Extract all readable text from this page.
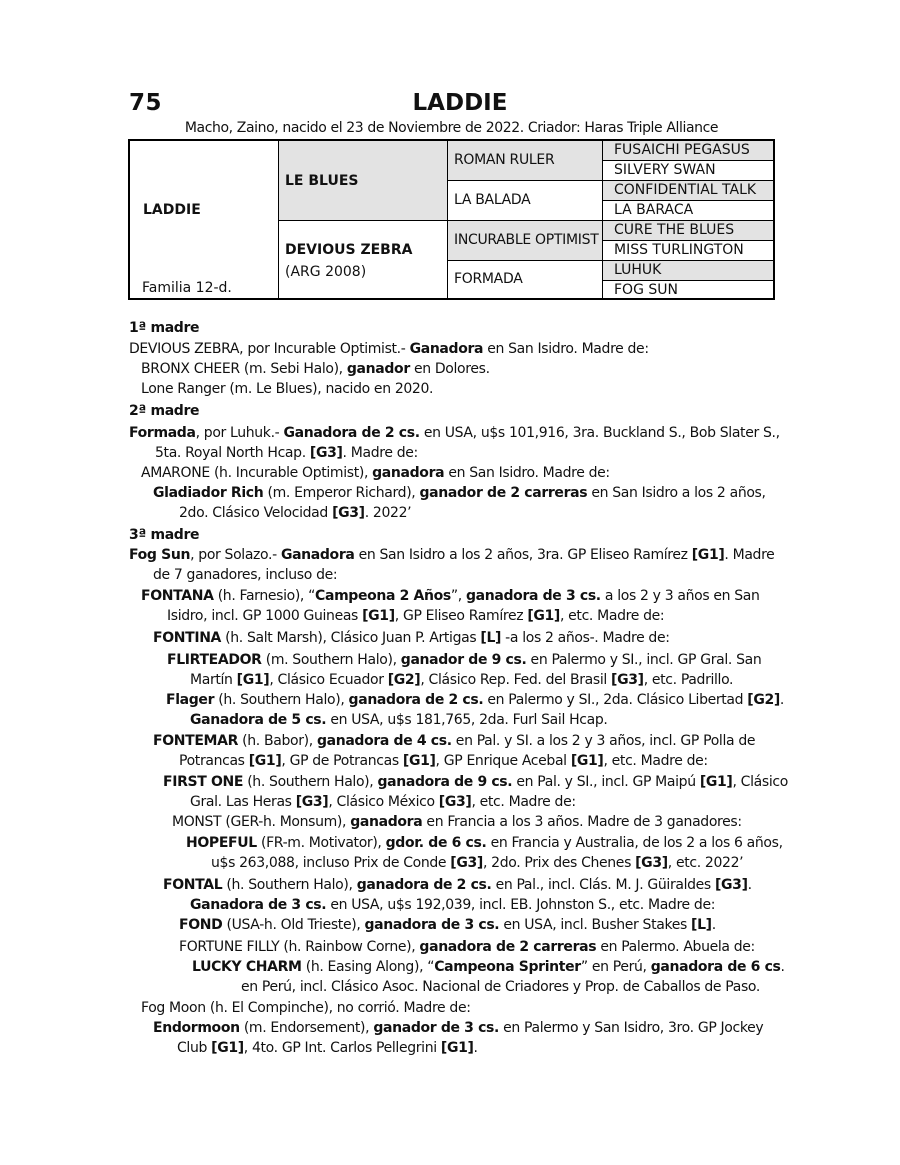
75	LADDIE
Macho, Zaino, nacido el 23 de Noviembre de 2022. Criador: Haras Triple Alliance
LADDIE
Familia 12-d.
LE BLUES
DEVIOUS ZEBRA
(ARG 2008)
ROMAN RULER
LA BALADA
INCURABLE OPTIMIST
FORMADA
FUSAICHI PEGASUS
SILVERY SWAN
CONFIDENTIAL TALK
LA BARACA
CURE THE BLUES
MISS TURLINGTON
LUHUK
FOG SUN
1ª madre
DEVIOUS ZEBRA, por Incurable Optimist.- Ganadora en San Isidro. Madre de:
BRONX CHEER (m. Sebi Halo), ganador en Dolores.
Lone Ranger (m. Le Blues), nacido en 2020.
2ª madre
Formada, por Luhuk.- Ganadora de 2 cs. en USA, u$s 101,916, 3ra. Buckland S., Bob Slater S.,
5ta. Royal North Hcap. [G3]. Madre de:
AMARONE (h. Incurable Optimist), ganadora en San Isidro. Madre de:
Gladiador Rich (m. Emperor Richard), ganador de 2 carreras en San Isidro a los 2 años,
2do. Clásico Velocidad [G3]. 2022’
3ª madre
Fog Sun, por Solazo.- Ganadora en San Isidro a los 2 años, 3ra. GP Eliseo Ramírez [G1]. Madre
de 7 ganadores, incluso de:
FONTANA (h. Farnesio), “Campeona 2 Años”, ganadora de 3 cs. a los 2 y 3 años en San
Isidro, incl. GP 1000 Guineas [G1], GP Eliseo Ramírez [G1], etc. Madre de:
FONTINA (h. Salt Marsh), Clásico Juan P. Artigas [L] -a los 2 años-. Madre de:
FLIRTEADOR (m. Southern Halo), ganador de 9 cs. en Palermo y SI., incl. GP Gral. San
Martín [G1], Clásico Ecuador [G2], Clásico Rep. Fed. del Brasil [G3], etc. Padrillo.
Flager (h. Southern Halo), ganadora de 2 cs. en Palermo y SI., 2da. Clásico Libertad [G2].
Ganadora de 5 cs. en USA, u$s 181,765, 2da. Furl Sail Hcap.
FONTEMAR (h. Babor), ganadora de 4 cs. en Pal. y SI. a los 2 y 3 años, incl. GP Polla de
Potrancas [G1], GP de Potrancas [G1], GP Enrique Acebal [G1], etc. Madre de:
FIRST ONE (h. Southern Halo), ganadora de 9 cs. en Pal. y SI., incl. GP Maipú [G1], Clásico
Gral. Las Heras [G3], Clásico México [G3], etc. Madre de:
MONST (GER-h. Monsum), ganadora en Francia a los 3 años. Madre de 3 ganadores:
HOPEFUL (FR-m. Motivator), gdor. de 6 cs. en Francia y Australia, de los 2 a los 6 años,
u$s 263,088, incluso Prix de Conde [G3], 2do. Prix des Chenes [G3], etc. 2022’
FONTAL (h. Southern Halo), ganadora de 2 cs. en Pal., incl. Clás. M. J. Güiraldes [G3].
Ganadora de 3 cs. en USA, u$s 192,039, incl. EB. Johnston S., etc. Madre de:
FOND (USA-h. Old Trieste), ganadora de 3 cs. en USA, incl. Busher Stakes [L].
FORTUNE FILLY (h. Rainbow Corne), ganadora de 2 carreras en Palermo. Abuela de:
LUCKY CHARM (h. Easing Along), “Campeona Sprinter” en Perú, ganadora de 6 cs.
en Perú, incl. Clásico Asoc. Nacional de Criadores y Prop. de Caballos de Paso.
Fog Moon (h. El Compinche), no corrió. Madre de:
Endormoon (m. Endorsement), ganador de 3 cs. en Palermo y San Isidro, 3ro. GP Jockey
Club [G1], 4to. GP Int. Carlos Pellegrini [G1].
